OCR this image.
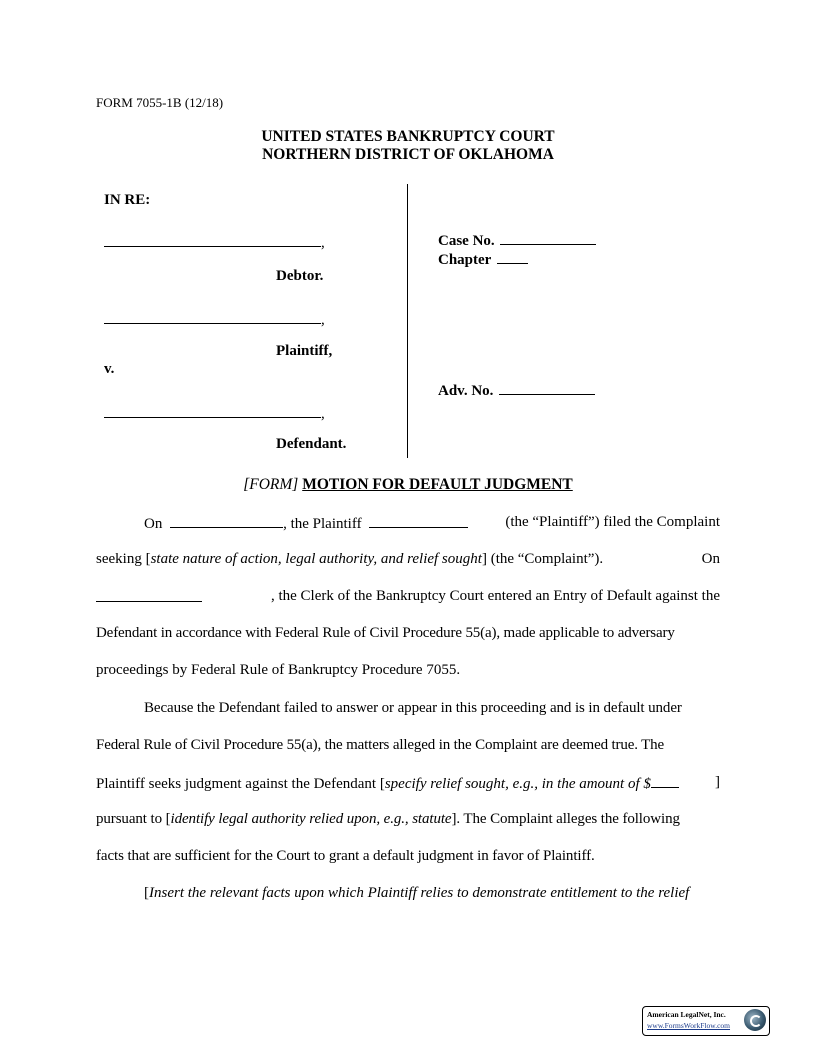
FORM 7055-1B (12/18)
UNITED STATES BANKRUPTCY COURT
NORTHERN DISTRICT OF OKLAHOMA
IN RE:
,
Debtor.
,
Plaintiff,
v.
,
Defendant.
Case No.
Chapter
Adv. No.
[FORM] MOTION FOR DEFAULT JUDGMENT
On	, the Plaintiff	(the “Plaintiff”) filed the Complaint
seeking [state nature of action, legal authority, and relief sought] (the “Complaint”).	On
, the Clerk of the Bankruptcy Court entered an Entry of Default against the
Defendant in accordance with Federal Rule of Civil Procedure 55(a), made applicable to adversary
proceedings by Federal Rule of Bankruptcy Procedure 7055.
Because the Defendant failed to answer or appear in this proceeding and is in default under
Federal Rule of Civil Procedure 55(a), the matters alleged in the Complaint are deemed true. The
Plaintiff seeks judgment against the Defendant [specify relief sought, e.g., in the amount of $	]
pursuant to [identify legal authority relied upon, e.g., statute]. The Complaint alleges the following
facts that are sufficient for the Court to grant a default judgment in favor of Plaintiff.
[Insert the relevant facts upon which Plaintiff relies to demonstrate entitlement to the relief
American LegalNet, Inc.
www.FormsWorkFlow.com
